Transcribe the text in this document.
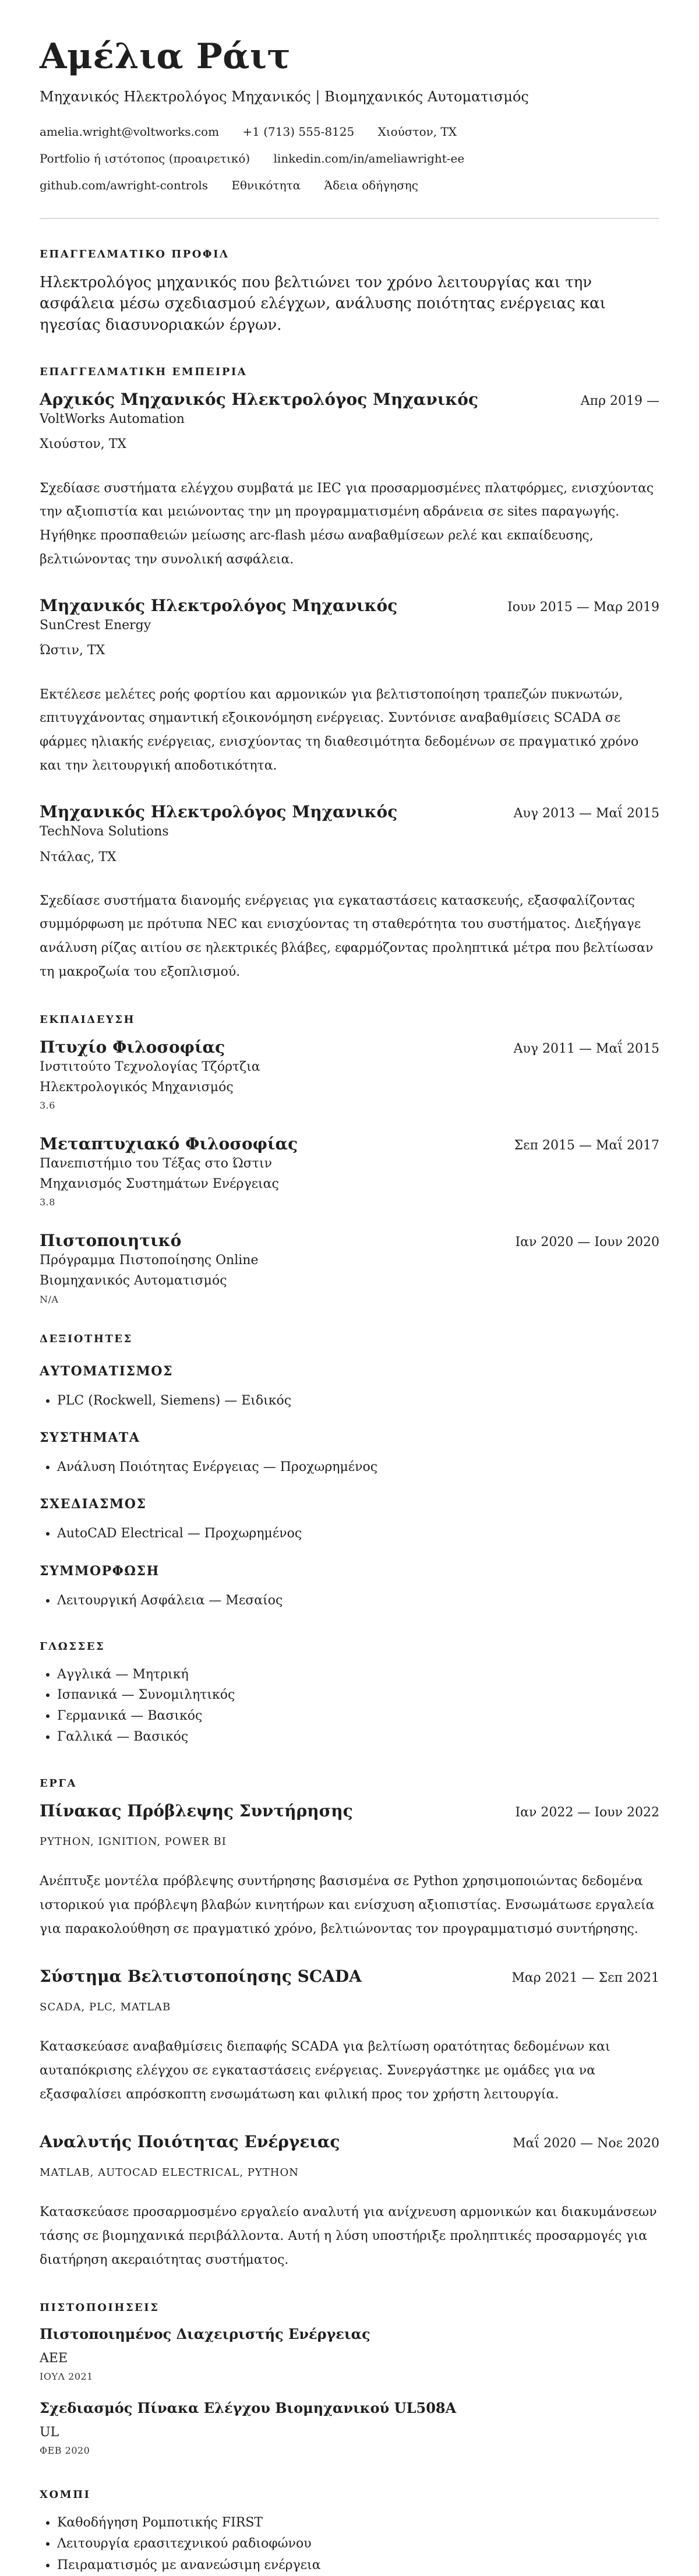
Αμέλια Ράιτ
Μηχανικός Ηλεκτρολόγος Μηχανικός | Βιομηχανικός Αυτοματισμός
amelia.wright@voltworks.com +1 (713) 555-8125 Χιούστον, TX
Portfolio ή ιστότοπος (προαιρετικό) linkedin.com/in/ameliawright-ee
github.com/awright-controls Εθνικότητα Άδεια οδήγησης
ΕΠΑΓΓΕΛΜΑΤΙΚΟ ΠΡΟΦΙΛ
Ηλεκτρολόγος μηχανικός που βελτιώνει τον χρόνο λειτουργίας και την ασφάλεια μέσω σχεδιασμού ελέγχων, ανάλυσης ποιότητας ενέργειας και ηγεσίας διασυνοριακών έργων.
ΕΠΑΓΓΕΛΜΑΤΙΚΗ ΕΜΠΕΙΡΙΑ
Αρχικός Μηχανικός Ηλεκτρολόγος Μηχανικός	Απρ 2019 —
VoltWorks Automation
Χιούστον, TX
Σχεδίασε συστήματα ελέγχου συμβατά με IEC για προσαρμοσμένες πλατφόρμες, ενισχύοντας την αξιοπιστία και μειώνοντας την μη προγραμματισμένη αδράνεια σε sites παραγωγής. Ηγήθηκε προσπαθειών μείωσης arc-flash μέσω αναβαθμίσεων ρελέ και εκπαίδευσης, βελτιώνοντας την συνολική ασφάλεια.
Μηχανικός Ηλεκτρολόγος Μηχανικός	Ιουν 2015 — Μαρ 2019
SunCrest Energy
Ώστιν, TX
Εκτέλεσε μελέτες ροής φορτίου και αρμονικών για βελτιστοποίηση τραπεζών πυκνωτών, επιτυγχάνοντας σημαντική εξοικονόμηση ενέργειας. Συντόνισε αναβαθμίσεις SCADA σε φάρμες ηλιακής ενέργειας, ενισχύοντας τη διαθεσιμότητα δεδομένων σε πραγματικό χρόνο και την λειτουργική αποδοτικότητα.
Μηχανικός Ηλεκτρολόγος Μηχανικός	Αυγ 2013 — Μαΐ 2015
TechNova Solutions
Ντάλας, TX
Σχεδίασε συστήματα διανομής ενέργειας για εγκαταστάσεις κατασκευής, εξασφαλίζοντας συμμόρφωση με πρότυπα NEC και ενισχύοντας τη σταθερότητα του συστήματος. Διεξήγαγε ανάλυση ρίζας αιτίου σε ηλεκτρικές βλάβες, εφαρμόζοντας προληπτικά μέτρα που βελτίωσαν τη μακροζωία του εξοπλισμού.
ΕΚΠΑΙΔΕΥΣΗ
Πτυχίο Φιλοσοφίας	Αυγ 2011 — Μαΐ 2015
Ινστιτούτο Τεχνολογίας Τζόρτζια
Ηλεκτρολογικός Μηχανισμός
3.6
Μεταπτυχιακό Φιλοσοφίας	Σεπ 2015 — Μαΐ 2017
Πανεπιστήμιο του Τέξας στο Ώστιν
Μηχανισμός Συστημάτων Ενέργειας
3.8
Πιστοποιητικό	Ιαν 2020 — Ιουν 2020
Πρόγραμμα Πιστοποίησης Online
Βιομηχανικός Αυτοματισμός
N/A
ΔΕΞΙΟΤΗΤΕΣ
ΑΥΤΟΜΑΤΙΣΜΟΣ
• PLC (Rockwell, Siemens) — Ειδικός
ΣΥΣΤΗΜΑΤΑ
• Ανάλυση Ποιότητας Ενέργειας — Προχωρημένος
ΣΧΕΔΙΑΣΜΟΣ
• AutoCAD Electrical — Προχωρημένος
ΣΥΜΜΟΡΦΩΣΗ
• Λειτουργική Ασφάλεια — Μεσαίος
ΓΛΩΣΣΕΣ
• Αγγλικά — Μητρική
• Ισπανικά — Συνομιλητικός
• Γερμανικά — Βασικός
• Γαλλικά — Βασικός
ΕΡΓΑ
Πίνακας Πρόβλεψης Συντήρησης	Ιαν 2022 — Ιουν 2022
PYTHON, IGNITION, POWER BI
Ανέπτυξε μοντέλα πρόβλεψης συντήρησης βασισμένα σε Python χρησιμοποιώντας δεδομένα ιστορικού για πρόβλεψη βλαβών κινητήρων και ενίσχυση αξιοπιστίας. Ενσωμάτωσε εργαλεία για παρακολούθηση σε πραγματικό χρόνο, βελτιώνοντας τον προγραμματισμό συντήρησης.
Σύστημα Βελτιστοποίησης SCADA	Μαρ 2021 — Σεπ 2021
SCADA, PLC, MATLAB
Κατασκεύασε αναβαθμίσεις διεπαφής SCADA για βελτίωση ορατότητας δεδομένων και αυταπόκρισης ελέγχου σε εγκαταστάσεις ενέργειας. Συνεργάστηκε με ομάδες για να εξασφαλίσει απρόσκοπτη ενσωμάτωση και φιλική προς τον χρήστη λειτουργία.
Αναλυτής Ποιότητας Ενέργειας	Μαΐ 2020 — Νοε 2020
MATLAB, AUTOCAD ELECTRICAL, PYTHON
Κατασκεύασε προσαρμοσμένο εργαλείο αναλυτή για ανίχνευση αρμονικών και διακυμάνσεων τάσης σε βιομηχανικά περιβάλλοντα. Αυτή η λύση υποστήριξε προληπτικές προσαρμογές για διατήρηση ακεραιότητας συστήματος.
ΠΙΣΤΟΠΟΙΗΣΕΙΣ
Πιστοποιημένος Διαχειριστής Ενέργειας
AEE
ΙΟΥΛ 2021
Σχεδιασμός Πίνακα Ελέγχου Βιομηχανικού UL508A
UL
ΦΕΒ 2020
ΧΟΜΠΙ
• Καθοδήγηση Ρομποτικής FIRST
• Λειτουργία ερασιτεχνικού ραδιοφώνου
• Πειραματισμός με ανανεώσιμη ενέργεια
